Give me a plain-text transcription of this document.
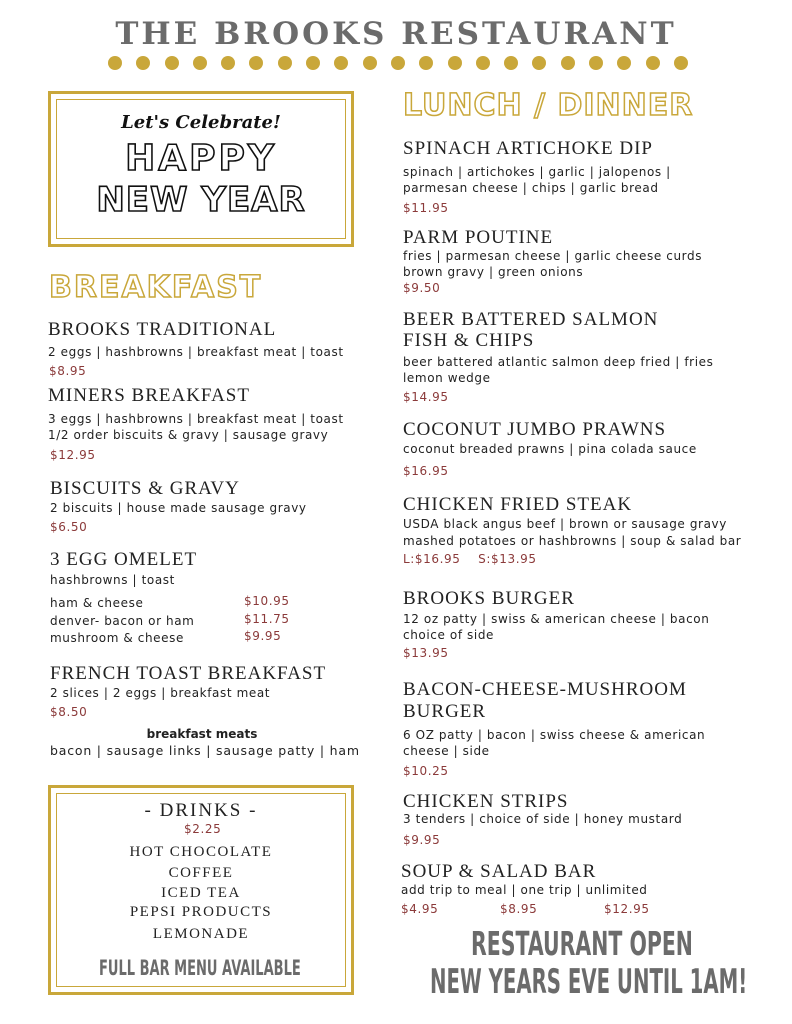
THE BROOKS RESTAURANT
Let's Celebrate!
HAPPY
NEW YEAR
BREAKFAST
BROOKS TRADITIONAL
2 eggs | hashbrowns | breakfast meat | toast
$8.95
MINERS BREAKFAST
3 eggs | hashbrowns | breakfast meat | toast
1/2 order biscuits & gravy | sausage gravy
$12.95
BISCUITS & GRAVY
2 biscuits | house made sausage gravy
$6.50
3 EGG OMELET
hashbrowns | toast
ham & cheese	$10.95
denver- bacon or ham	$11.75
mushroom & cheese	$9.95
FRENCH TOAST BREAKFAST
2 slices | 2 eggs | breakfast meat
$8.50
breakfast meats
bacon | sausage links | sausage patty | ham
- DRINKS -
$2.25
HOT CHOCOLATE
COFFEE
ICED TEA
PEPSI PRODUCTS
LEMONADE
FULL BAR MENU AVAILABLE
LUNCH / DINNER
SPINACH ARTICHOKE DIP
spinach | artichokes | garlic | jalopenos |
parmesan cheese | chips | garlic bread
$11.95
PARM POUTINE
fries | parmesan cheese | garlic cheese curds
brown gravy | green onions
$9.50
BEER BATTERED SALMON
FISH & CHIPS
beer battered atlantic salmon deep fried | fries
lemon wedge
$14.95
COCONUT JUMBO PRAWNS
coconut breaded prawns | pina colada sauce
$16.95
CHICKEN FRIED STEAK
USDA black angus beef | brown or sausage gravy
mashed potatoes or hashbrowns | soup & salad bar
L:$16.95    S:$13.95
BROOKS BURGER
12 oz patty | swiss & american cheese | bacon
choice of side
$13.95
BACON-CHEESE-MUSHROOM
BURGER
6 OZ patty | bacon | swiss cheese & american
cheese | side
$10.25
CHICKEN STRIPS
3 tenders | choice of side | honey mustard
$9.95
SOUP & SALAD BAR
add trip to meal | one trip | unlimited
$4.95	$8.95	$12.95
RESTAURANT OPEN
NEW YEARS EVE UNTIL 1AM!
